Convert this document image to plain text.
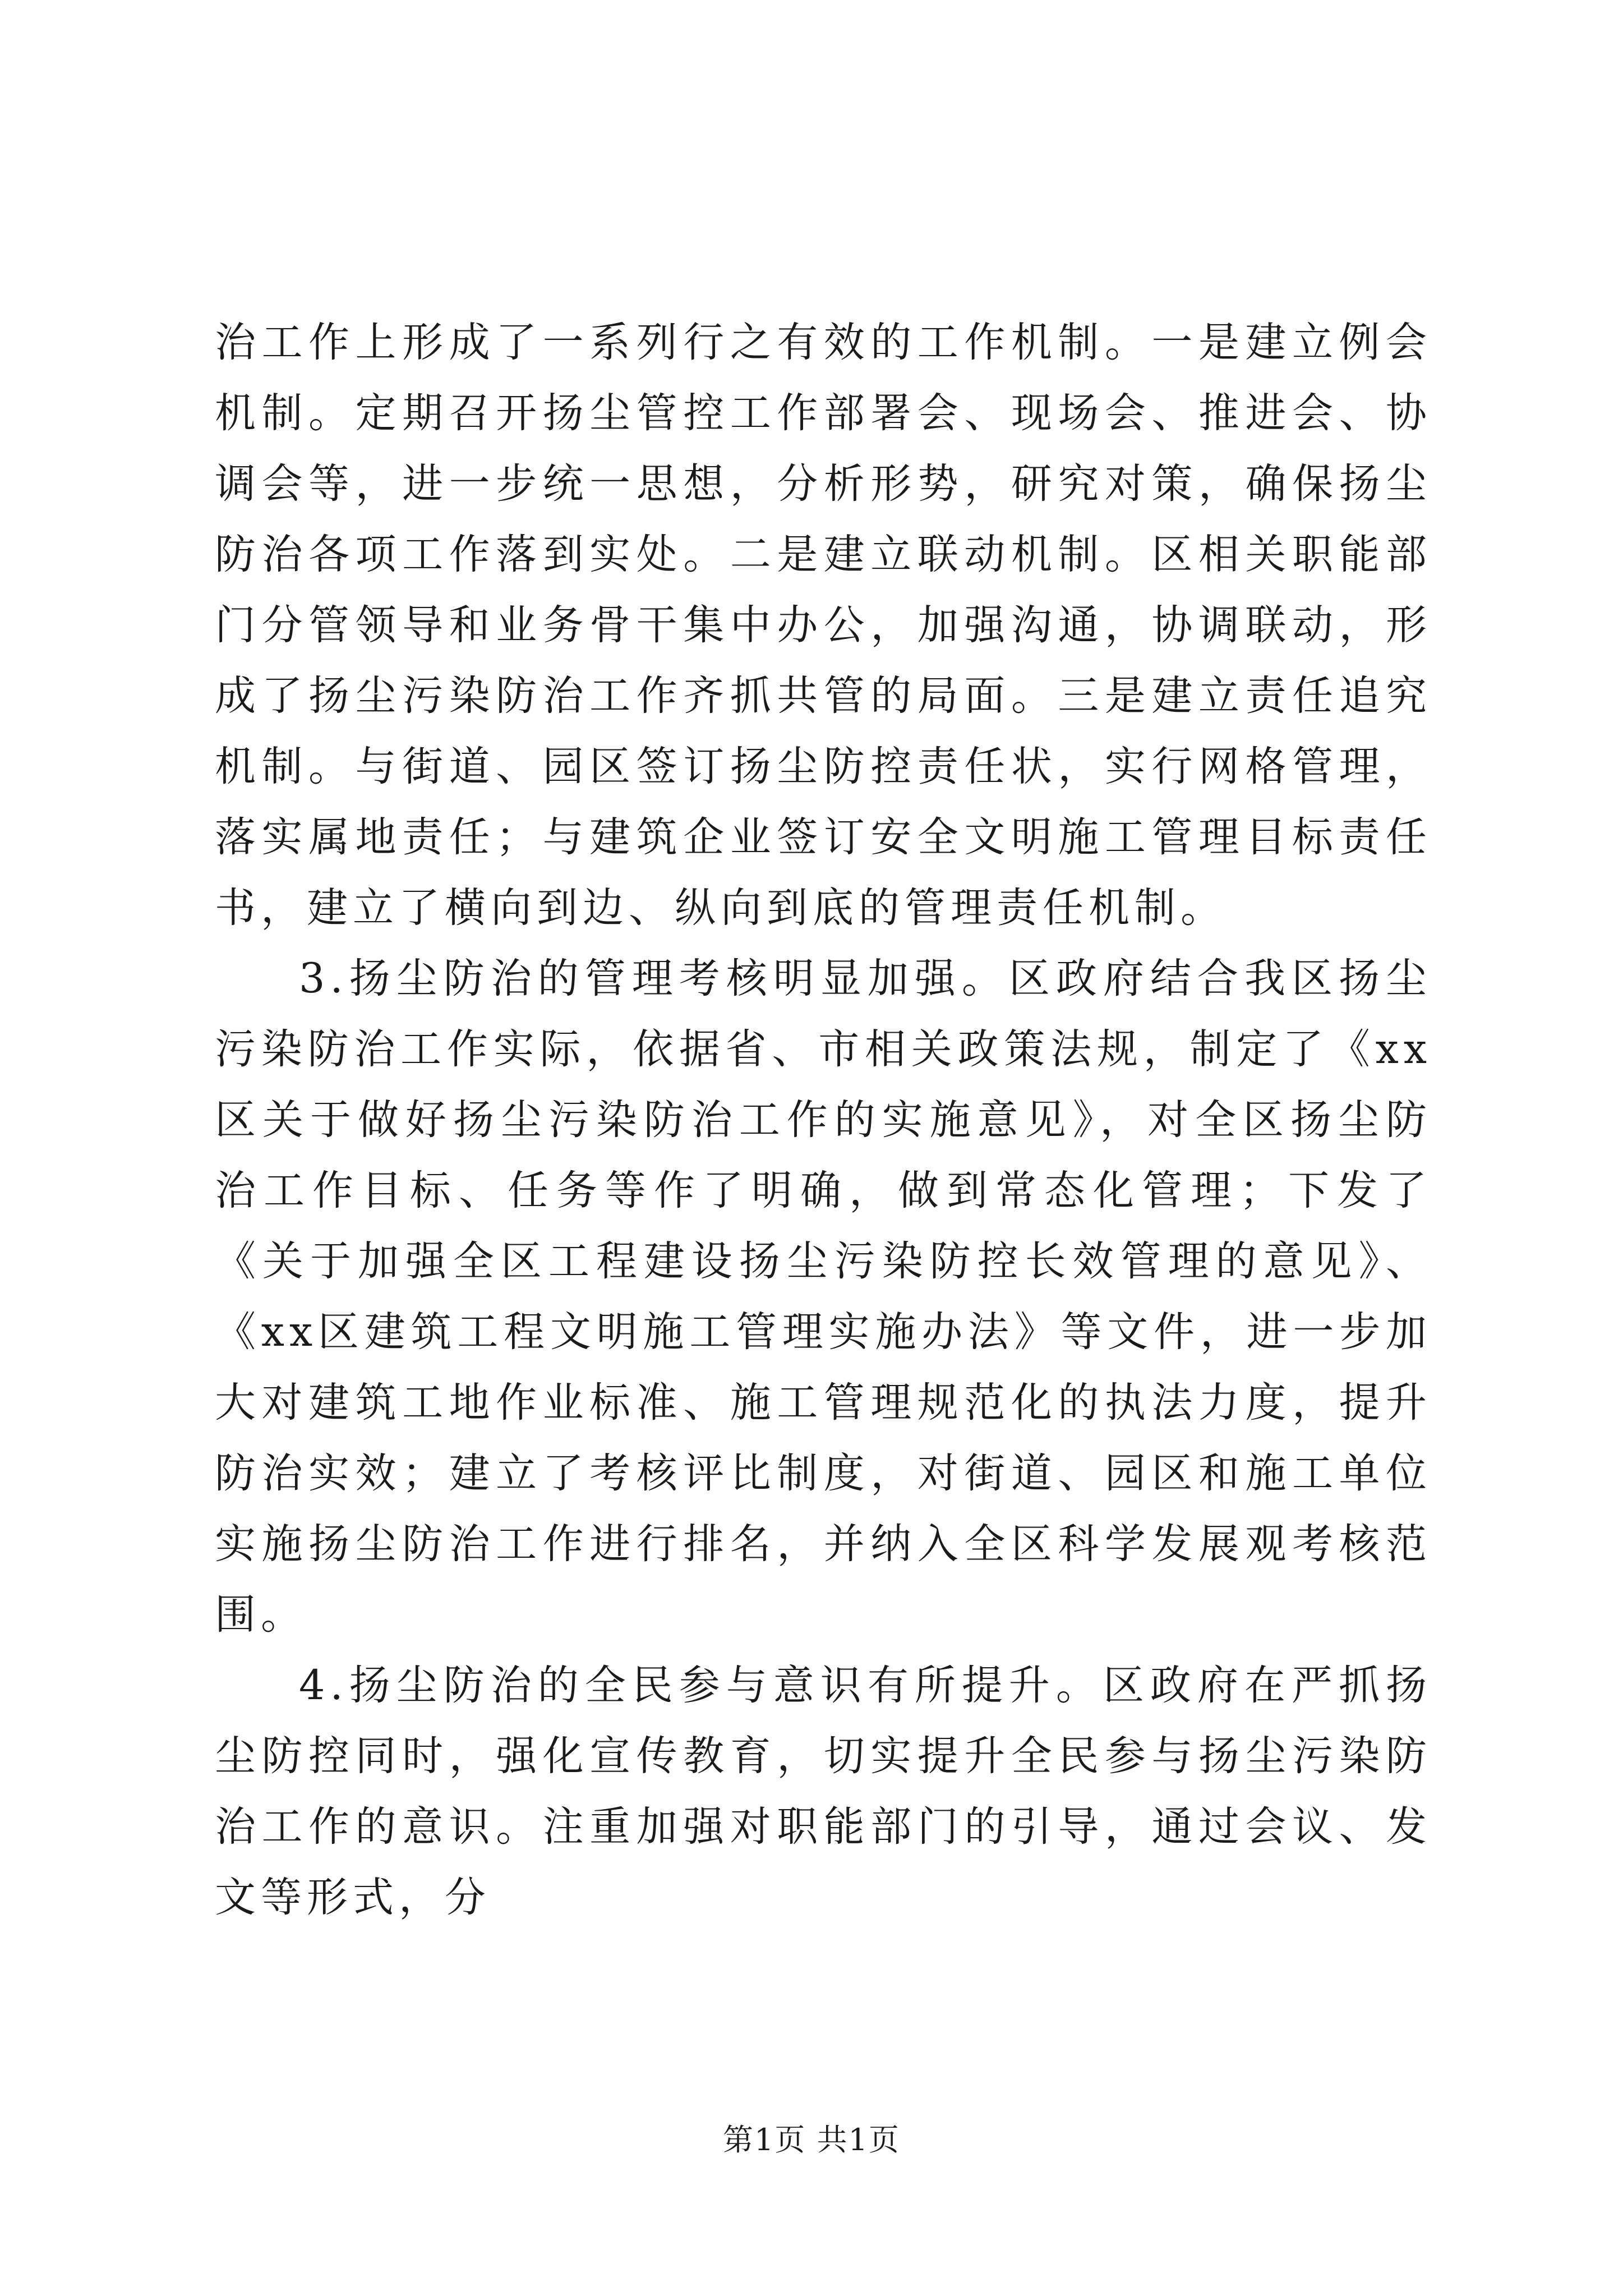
治工作上形成了一系列行之有效的工作机制。一是建立例会机制。定期召开扬尘管控工作部署会、现场会、推进会、协调会等，进一步统一思想，分析形势，研究对策，确保扬尘防治各项工作落到实处。二是建立联动机制。区相关职能部门分管领导和业务骨干集中办公，加强沟通，协调联动，形成了扬尘污染防治工作齐抓共管的局面。三是建立责任追究机制。与街道、园区签订扬尘防控责任状，实行网格管理，落实属地责任；与建筑企业签订安全文明施工管理目标责任书，建立了横向到边、纵向到底的管理责任机制。

3.扬尘防治的管理考核明显加强。区政府结合我区扬尘污染防治工作实际，依据省、市相关政策法规，制定了《xx区关于做好扬尘污染防治工作的实施意见》，对全区扬尘防治工作目标、任务等作了明确，做到常态化管理；下发了《关于加强全区工程建设扬尘污染防控长效管理的意见》、《xx区建筑工程文明施工管理实施办法》等文件，进一步加大对建筑工地作业标准、施工管理规范化的执法力度，提升防治实效；建立了考核评比制度，对街道、园区和施工单位实施扬尘防治工作进行排名，并纳入全区科学发展观考核范围。

4.扬尘防治的全民参与意识有所提升。区政府在严抓扬尘防控同时，强化宣传教育，切实提升全民参与扬尘污染防治工作的意识。注重加强对职能部门的引导，通过会议、发文等形式，分

第1页 共1页
